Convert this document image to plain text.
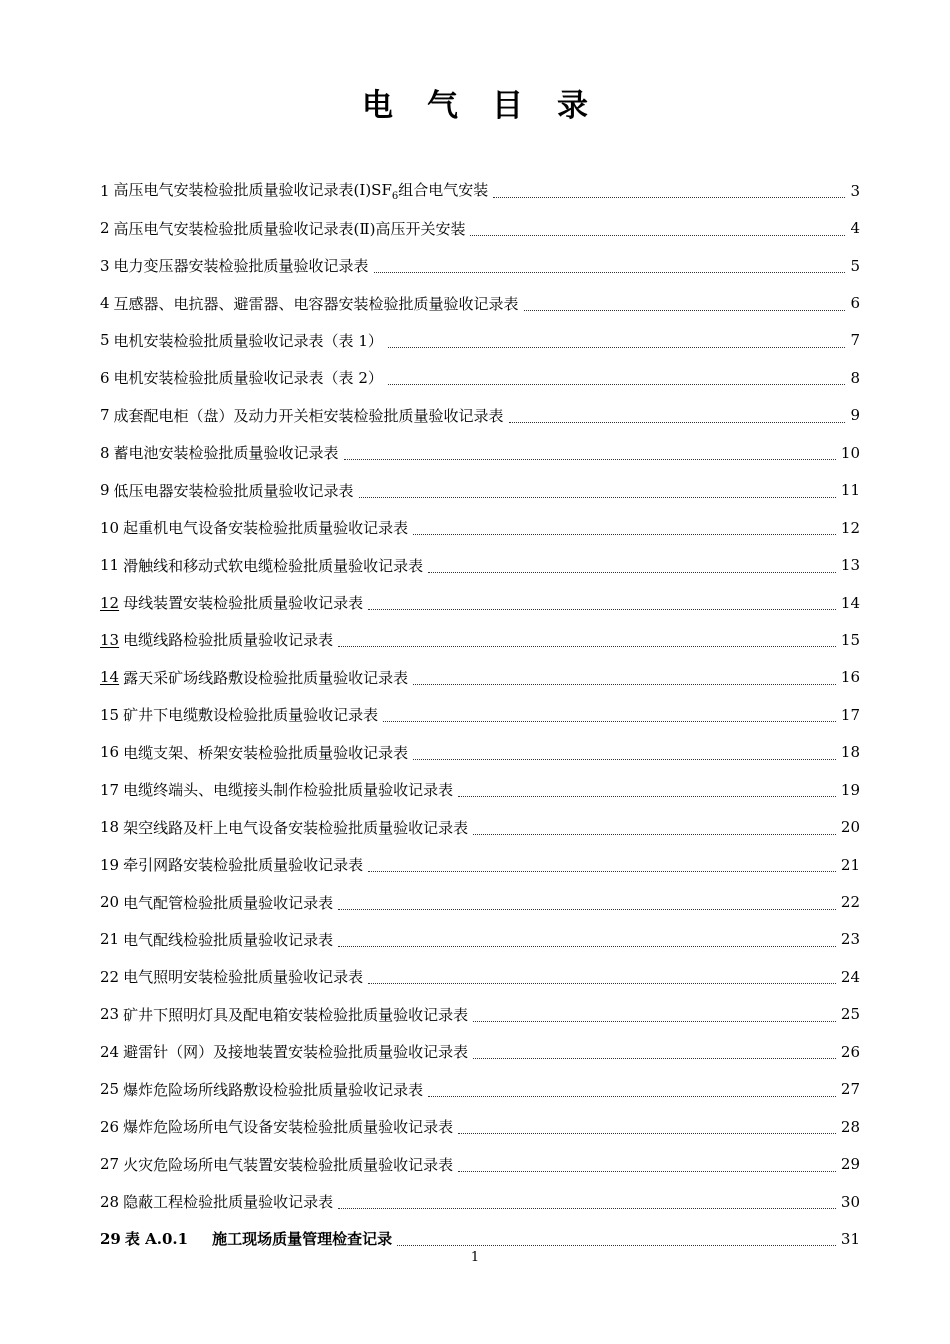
电气目录
1 高压电气安装检验批质量验收记录表$(Ⅰ)SF_6$组合电气安装	3
2 高压电气安装检验批质量验收记录表(Ⅱ)高压开关安装	4
3 电力变压器安装检验批质量验收记录表	5
4 互感器、电抗器、避雷器、电容器安装检验批质量验收记录表	6
5 电机安装检验批质量验收记录表（表 1）	7
6 电机安装检验批质量验收记录表（表 2）	8
7 成套配电柜（盘）及动力开关柜安装检验批质量验收记录表	9
8 蓄电池安装检验批质量验收记录表	10
9 低压电器安装检验批质量验收记录表	11
10 起重机电气设备安装检验批质量验收记录表	12
11 滑触线和移动式软电缆检验批质量验收记录表	13
12 母线装置安装检验批质量验收记录表	14
13 电缆线路检验批质量验收记录表	15
14 露天采矿场线路敷设检验批质量验收记录表	16
15 矿井下电缆敷设检验批质量验收记录表	17
16 电缆支架、桥架安装检验批质量验收记录表	18
17 电缆终端头、电缆接头制作检验批质量验收记录表	19
18 架空线路及杆上电气设备安装检验批质量验收记录表	20
19 牵引网路安装检验批质量验收记录表	21
20 电气配管检验批质量验收记录表	22
21 电气配线检验批质量验收记录表	23
22 电气照明安装检验批质量验收记录表	24
23 矿井下照明灯具及配电箱安装检验批质量验收记录表	25
24 避雷针（网）及接地装置安装检验批质量验收记录表	26
25 爆炸危险场所线路敷设检验批质量验收记录表	27
26 爆炸危险场所电气设备安装检验批质量验收记录表	28
27 火灾危险场所电气装置安装检验批质量验收记录表	29
28 隐蔽工程检验批质量验收记录表	30
29 表 A.0.1 施工现场质量管理检查记录	31
1
